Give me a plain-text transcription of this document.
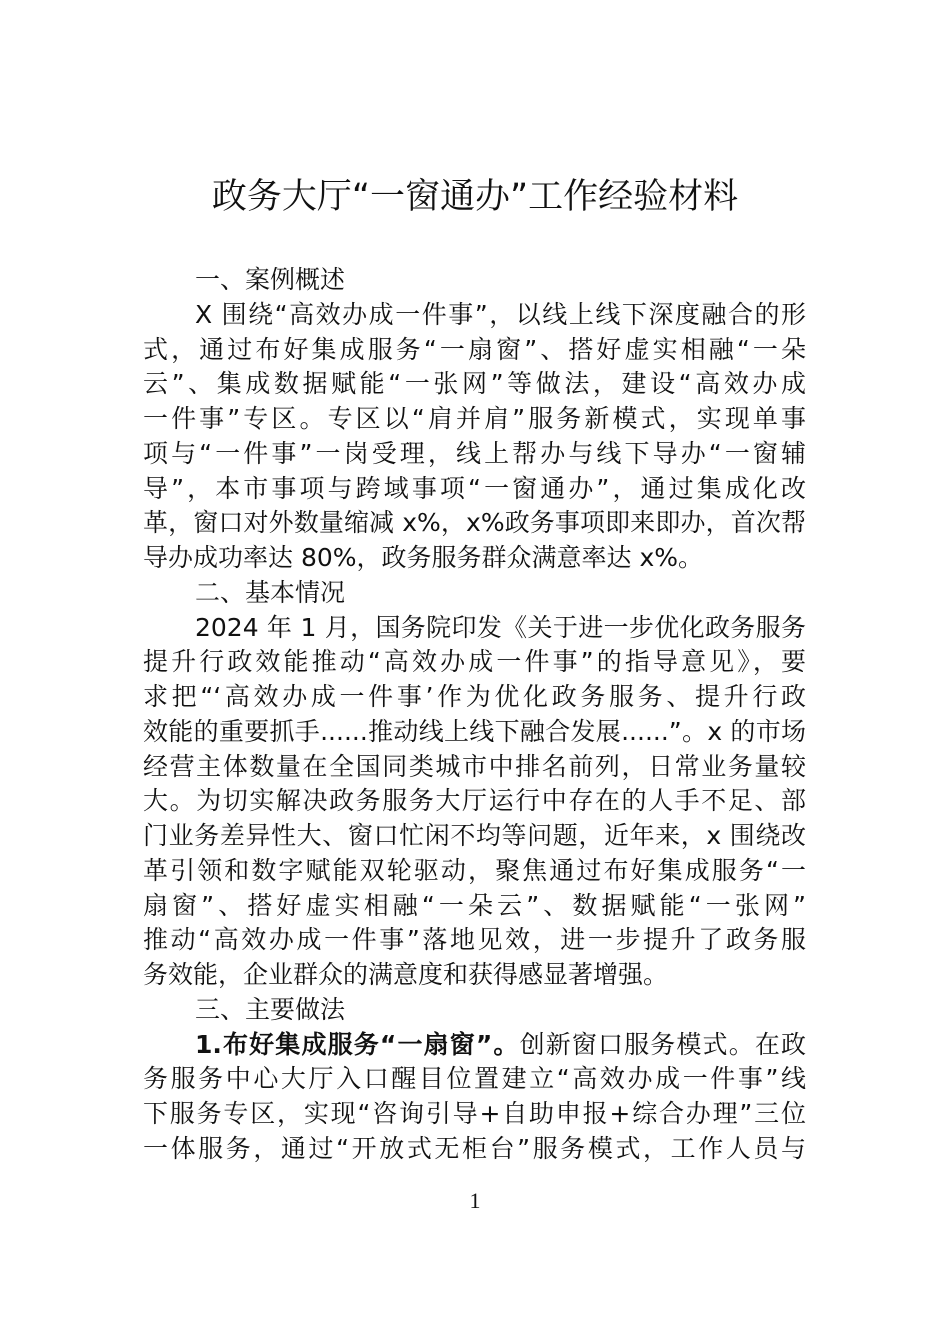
政务大厅“一窗通办”工作经验材料
一、案例概述
X 围绕“高效办成一件事”，以线上线下深度融合的形
式，通过布好集成服务“一扇窗”、搭好虚实相融“一朵
云”、集成数据赋能“一张网”等做法，建设“高效办成
一件事”专区。专区以“肩并肩”服务新模式，实现单事
项与“一件事”一岗受理，线上帮办与线下导办“一窗辅
导”，本市事项与跨域事项“一窗通办”，通过集成化改
革，窗口对外数量缩减 x%，x%政务事项即来即办，首次帮
导办成功率达 80%，政务服务群众满意率达 x%。
二、基本情况
2024 年 1 月，国务院印发《关于进一步优化政务服务
提升行政效能推动“高效办成一件事”的指导意见》，要
求把“‘高效办成一件事’作为优化政务服务、提升行政
效能的重要抓手......推动线上线下融合发展......”。x 的市场
经营主体数量在全国同类城市中排名前列，日常业务量较
大。为切实解决政务服务大厅运行中存在的人手不足、部
门业务差异性大、窗口忙闲不均等问题，近年来，x 围绕改
革引领和数字赋能双轮驱动，聚焦通过布好集成服务“一
扇窗”、搭好虚实相融“一朵云”、数据赋能“一张网”
推动“高效办成一件事”落地见效，进一步提升了政务服
务效能，企业群众的满意度和获得感显著增强。
三、主要做法
1.布好集成服务“一扇窗”。创新窗口服务模式。在政
务服务中心大厅入口醒目位置建立“高效办成一件事”线
下服务专区，实现“咨询引导+自助申报+综合办理”三位
一体服务，通过“开放式无柜台”服务模式，工作人员与
1
